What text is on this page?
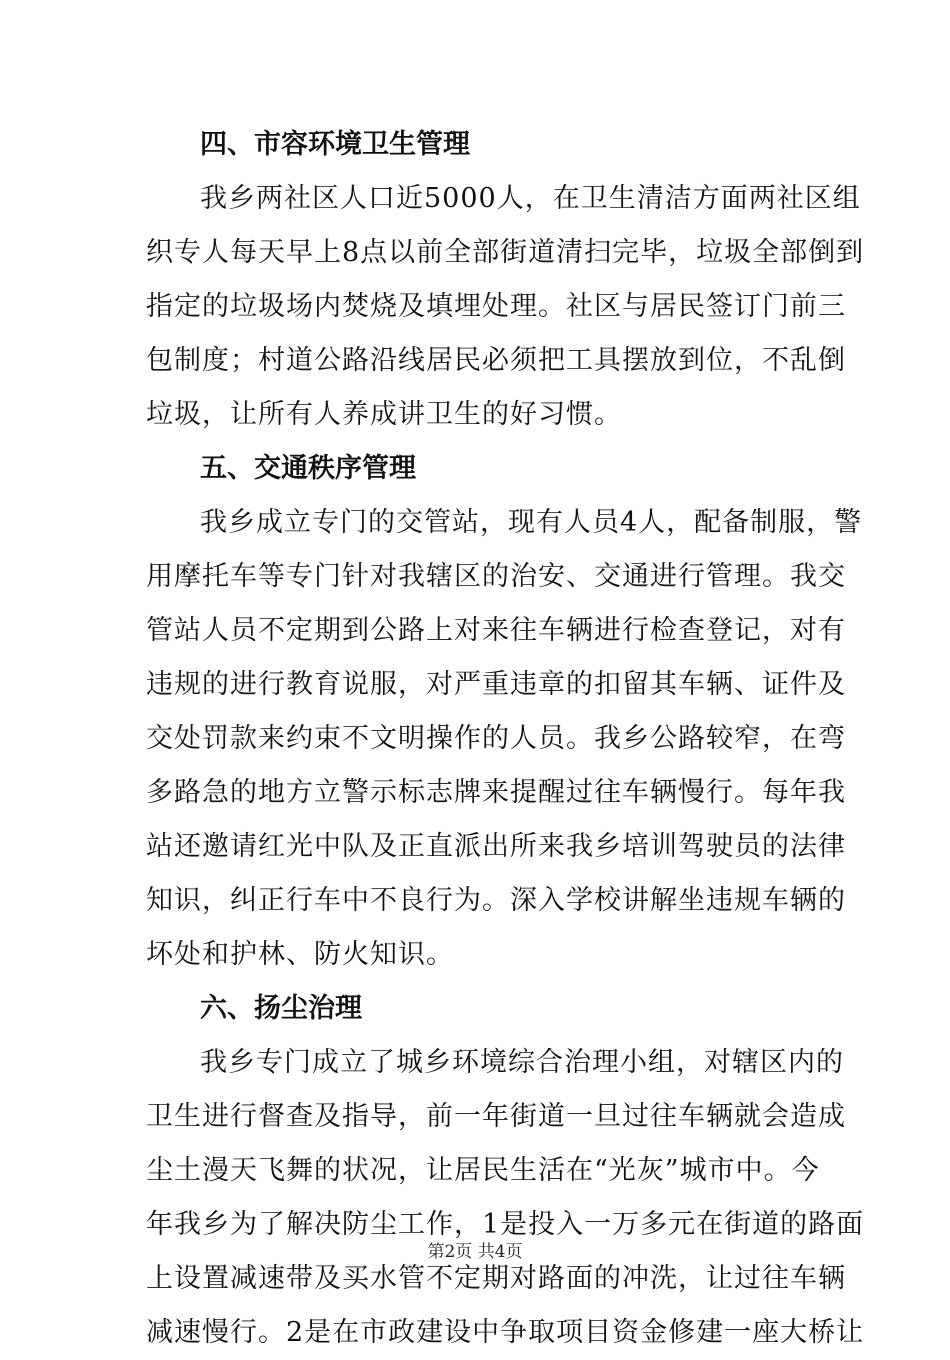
四、市容环境卫生管理
我乡两社区人口近5000人，在卫生清洁方面两社区组
织专人每天早上8点以前全部街道清扫完毕，垃圾全部倒到
指定的垃圾场内焚烧及填埋处理。社区与居民签订门前三
包制度；村道公路沿线居民必须把工具摆放到位，不乱倒
垃圾，让所有人养成讲卫生的好习惯。
五、交通秩序管理
我乡成立专门的交管站，现有人员4人，配备制服，警
用摩托车等专门针对我辖区的治安、交通进行管理。我交
管站人员不定期到公路上对来往车辆进行检查登记，对有
违规的进行教育说服，对严重违章的扣留其车辆、证件及
交处罚款来约束不文明操作的人员。我乡公路较窄，在弯
多路急的地方立警示标志牌来提醒过往车辆慢行。每年我
站还邀请红光中队及正直派出所来我乡培训驾驶员的法律
知识，纠正行车中不良行为。深入学校讲解坐违规车辆的
坏处和护林、防火知识。
六、扬尘治理
我乡专门成立了城乡环境综合治理小组，对辖区内的
卫生进行督查及指导，前一年街道一旦过往车辆就会造成
尘土漫天飞舞的状况，让居民生活在“光灰”城市中。今
年我乡为了解决防尘工作，1是投入一万多元在街道的路面
上设置减速带及买水管不定期对路面的冲洗，让过往车辆
减速慢行。2是在市政建设中争取项目资金修建一座大桥让
第2页 共4页
